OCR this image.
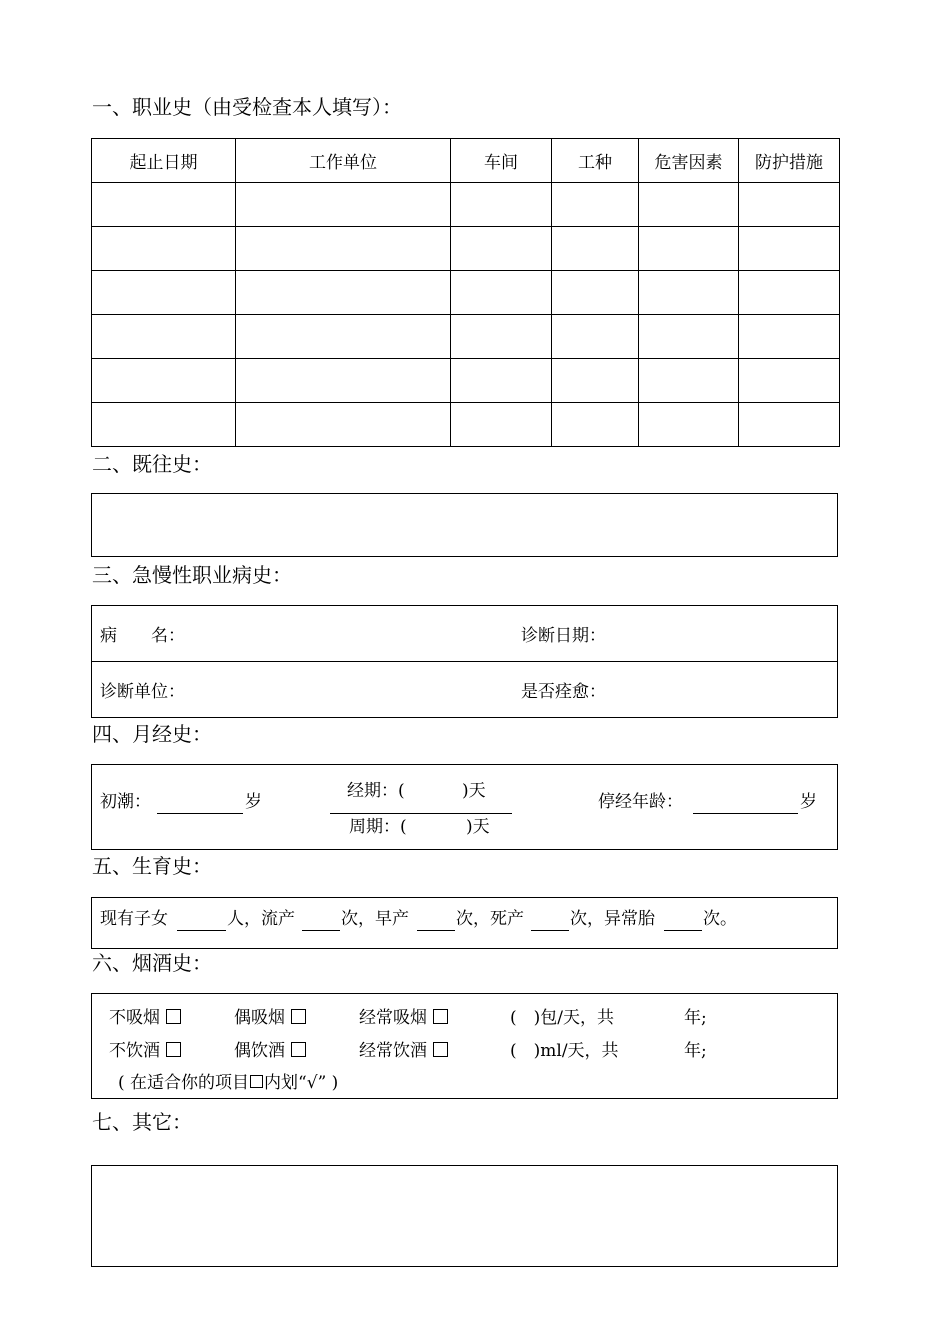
一、职业史（由受检查本人填写）：
起止日期	工作单位	车间	工种	危害因素	防护措施

二、既往史：
三、急慢性职业病史：
病　　名：	诊断日期：
诊断单位：	是否痊愈：
四、月经史：
初潮：	岁
经期：(	)天
周期：(	)天
停经年龄：	岁
五、生育史：
现有子女	人，流产	次，早产	次，死产	次，异常胎	次。
六、烟酒史：
不吸烟	偶吸烟	经常吸烟	(　)包/天，共	年;
不饮酒	偶饮酒	经常饮酒	(　)ml/天，共	年;
( 在适合你的项目 内划“√” )
七、其它：
